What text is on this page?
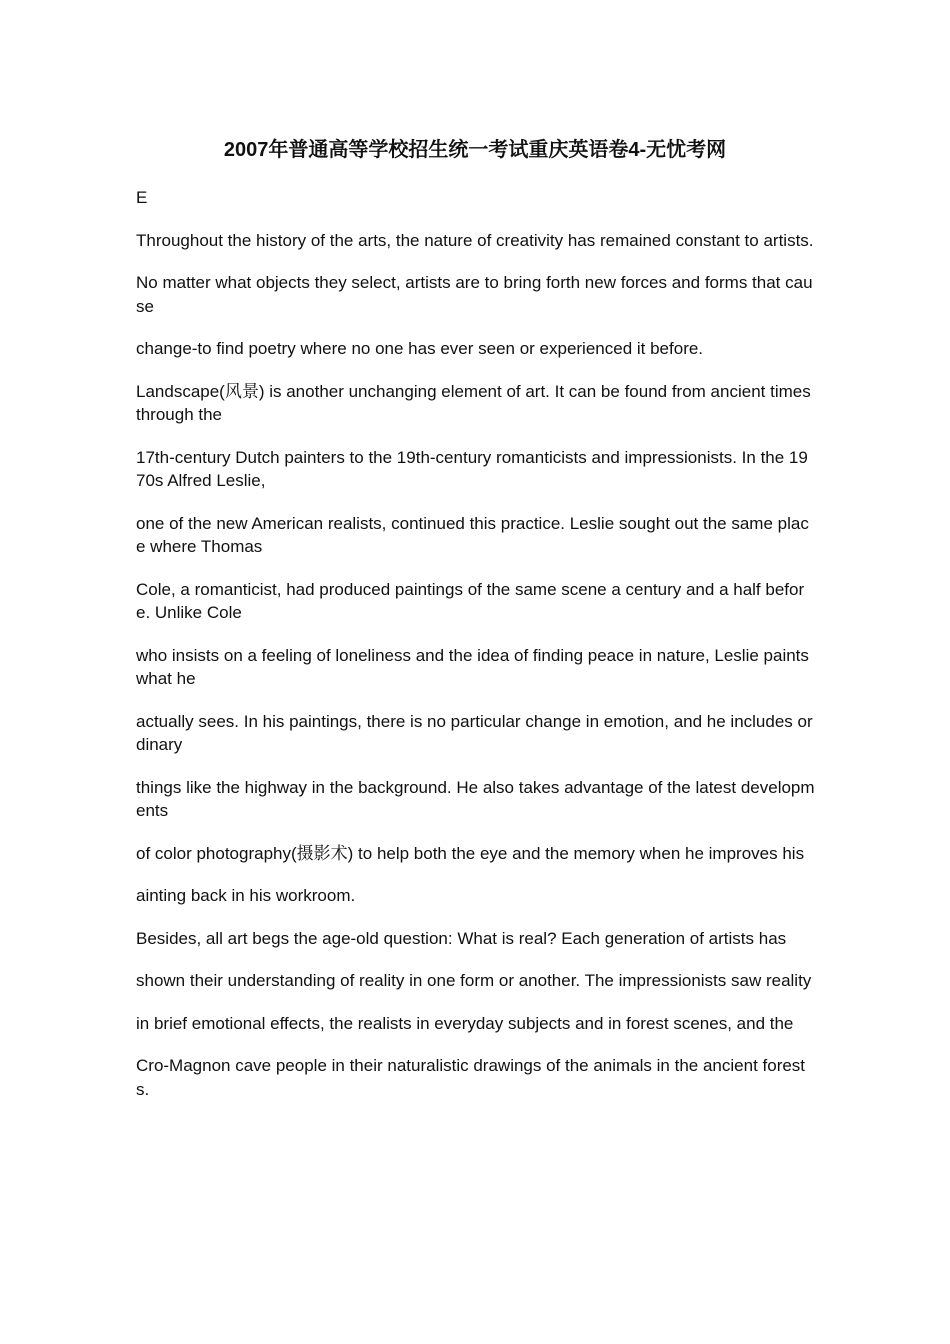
2007年普通高等学校招生统一考试重庆英语卷4-无忧考网

E

Throughout the history of the arts, the nature of creativity has remained constant to artists.

No matter what objects they select, artists are to bring forth new forces and forms that cause

change-to find poetry where no one has ever seen or experienced it before.

Landscape(风景) is another unchanging element of art. It can be found from ancient times through the

17th-century Dutch painters to the 19th-century romanticists and impressionists. In the 1970s Alfred Leslie,

one of the new American realists, continued this practice. Leslie sought out the same place where Thomas

Cole, a romanticist, had produced paintings of the same scene a century and a half before. Unlike Cole

who insists on a feeling of loneliness and the idea of finding peace in nature, Leslie paints what he

actually sees. In his paintings, there is no particular change in emotion, and he includes ordinary

things like the highway in the background. He also takes advantage of the latest developments

of color photography(摄影术) to help both the eye and the memory when he improves his

ainting back in his workroom.

Besides, all art begs the age-old question: What is real? Each generation of artists has

shown their understanding of reality in one form or another. The impressionists saw reality

in brief emotional effects, the realists in everyday subjects and in forest scenes, and the

Cro-Magnon cave people in their naturalistic drawings of the animals in the ancient forests.
